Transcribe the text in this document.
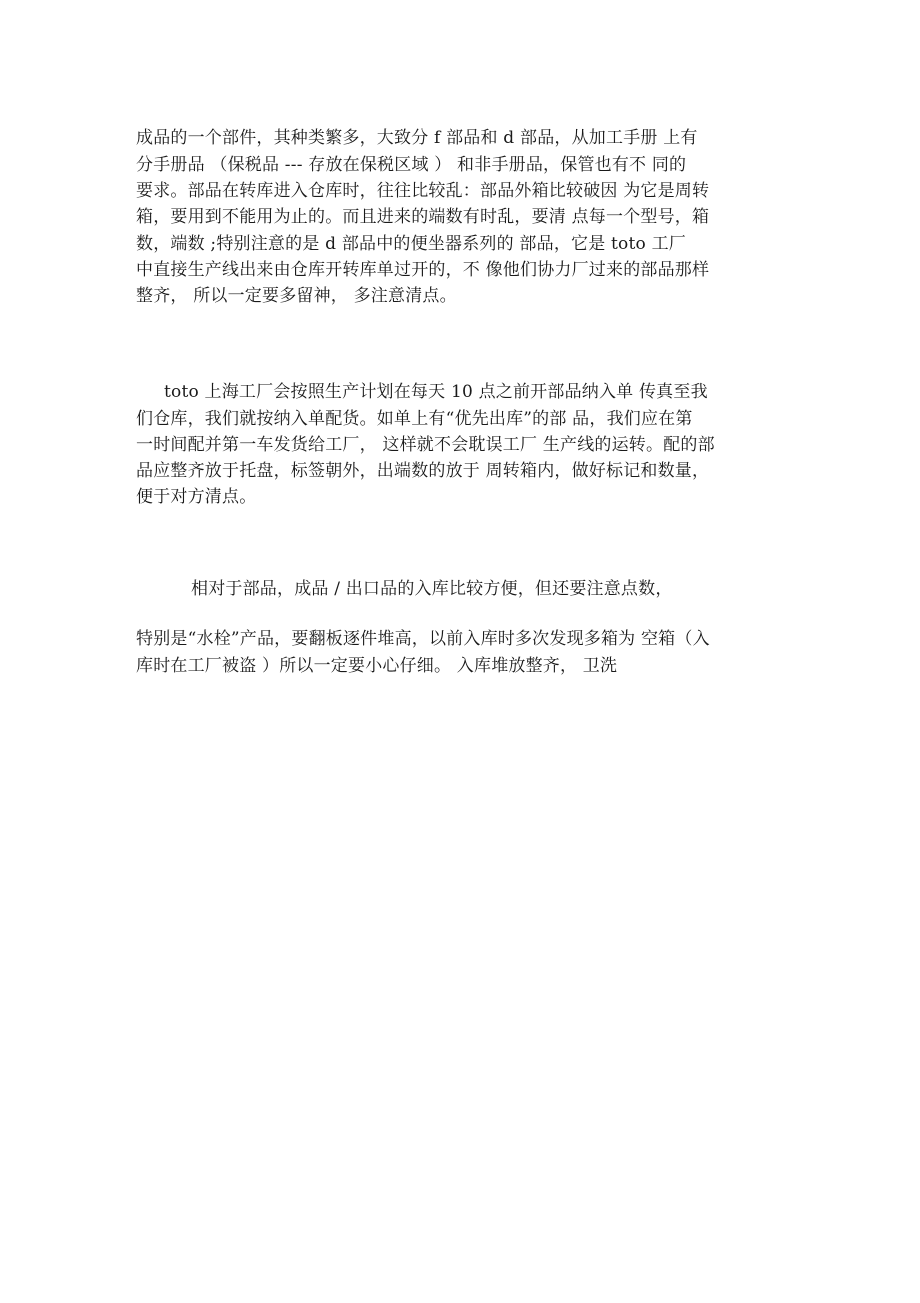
成品的一个部件，其种类繁多，大致分 f 部品和 d 部品，从加工手册 上有
分手册品 （保税品 --- 存放在保税区域 ） 和非手册品，保管也有不 同的
要求。部品在转库进入仓库时，往往比较乱：部品外箱比较破因 为它是周转
箱，要用到不能用为止的。而且进来的端数有时乱，要清 点每一个型号，箱
数，端数 ;特别注意的是 d 部品中的便坐器系列的 部品，它是 toto 工厂
中直接生产线出来由仓库开转库单过开的，不 像他们协力厂过来的部品那样
整齐， 所以一定要多留神， 多注意清点。
toto 上海工厂会按照生产计划在每天 10 点之前开部品纳入单 传真至我
们仓库，我们就按纳入单配货。如单上有“优先出库”的部 品，我们应在第
一时间配并第一车发货给工厂， 这样就不会耽误工厂 生产线的运转。配的部
品应整齐放于托盘，标签朝外，出端数的放于 周转箱内，做好标记和数量，
便于对方清点。
相对于部品，成品 / 出口品的入库比较方便，但还要注意点数，
特别是“水栓”产品，要翻板逐件堆高，以前入库时多次发现多箱为 空箱（入
库时在工厂被盗 ）所以一定要小心仔细。 入库堆放整齐， 卫洗
